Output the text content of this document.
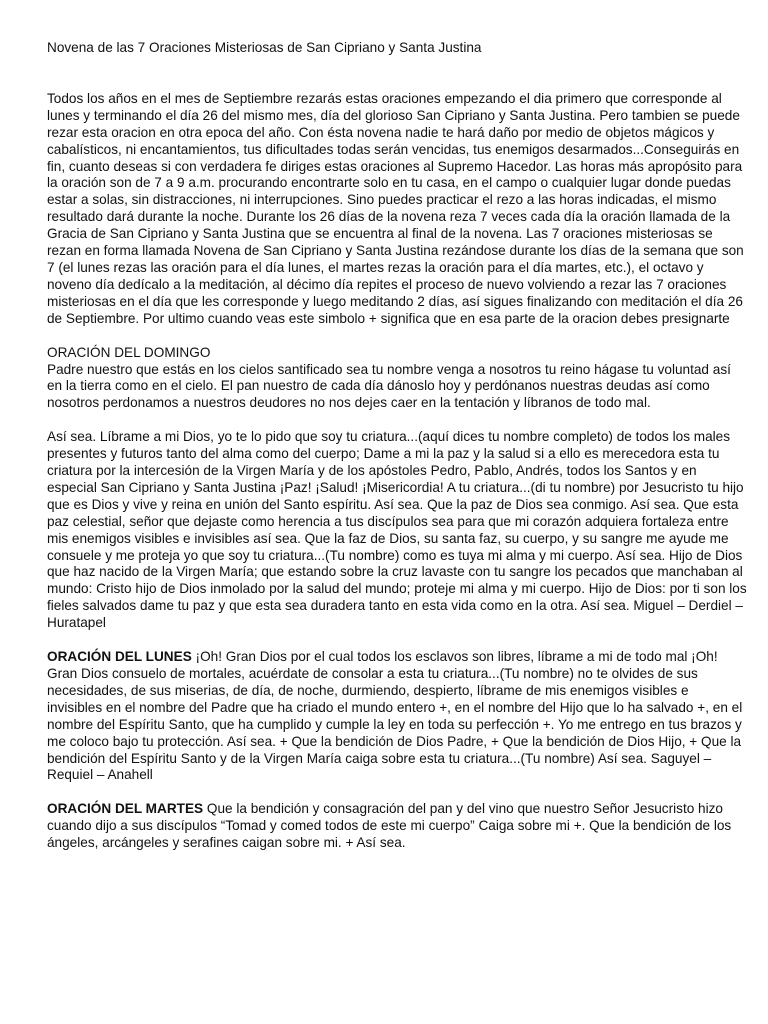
Novena de las 7 Oraciones Misteriosas de San Cipriano y Santa Justina

Todos los años en el mes de Septiembre rezarás estas oraciones empezando el dia primero que corresponde al lunes y terminando el día 26 del mismo mes, día del glorioso San Cipriano y Santa Justina. Pero tambien se puede rezar esta oracion en otra epoca del año. Con ésta novena nadie te hará daño por medio de objetos mágicos y cabalísticos, ni encantamientos, tus dificultades todas serán vencidas, tus enemigos desarmados...Conseguirás en fin, cuanto deseas si con verdadera fe diriges estas oraciones al Supremo Hacedor. Las horas más apropósito para la oración son de 7 a 9 a.m. procurando encontrarte solo en tu casa, en el campo o cualquier lugar donde puedas estar a solas, sin distracciones, ni interrupciones. Sino puedes practicar el rezo a las horas indicadas, el mismo resultado dará durante la noche. Durante los 26 días de la novena reza 7 veces cada día la oración llamada de la Gracia de San Cipriano y Santa Justina que se encuentra al final de la novena. Las 7 oraciones misteriosas se rezan en forma llamada Novena de San Cipriano y Santa Justina rezándose durante los días de la semana que son 7 (el lunes rezas las oración para el día lunes, el martes rezas la oración para el día martes, etc.), el octavo y noveno día dedícalo a la meditación, al décimo día repites el proceso de nuevo volviendo a rezar las 7 oraciones misteriosas en el día que les corresponde y luego meditando 2 días, así sigues finalizando con meditación el día 26 de Septiembre. Por ultimo cuando veas este simbolo + significa que en esa parte de la oracion debes presignarte

ORACIÓN DEL DOMINGO
Padre nuestro que estás en los cielos santificado sea tu nombre venga a nosotros tu reino hágase tu voluntad así en la tierra como en el cielo. El pan nuestro de cada día dánoslo hoy y perdónanos nuestras deudas así como nosotros perdonamos a nuestros deudores no nos dejes caer en la tentación y líbranos de todo mal.

Así sea. Líbrame a mi Dios, yo te lo pido que soy tu criatura...(aquí dices tu nombre completo) de todos los males presentes y futuros tanto del alma como del cuerpo; Dame a mi la paz y la salud si a ello es merecedora esta tu criatura por la intercesión de la Virgen María y de los apóstoles Pedro, Pablo, Andrés, todos los Santos y en especial San Cipriano y Santa Justina ¡Paz! ¡Salud! ¡Misericordia! A tu criatura...(di tu nombre) por Jesucristo tu hijo que es Dios y vive y reina en unión del Santo espíritu. Así sea. Que la paz de Dios sea conmigo. Así sea. Que esta paz celestial, señor que dejaste como herencia a tus discípulos sea para que mi corazón adquiera fortaleza entre mis enemigos visibles e invisibles así sea. Que la faz de Dios, su santa faz, su cuerpo, y su sangre me ayude me consuele y me proteja yo que soy tu criatura...(Tu nombre) como es tuya mi alma y mi cuerpo. Así sea. Hijo de Dios que haz nacido de la Virgen María; que estando sobre la cruz lavaste con tu sangre los pecados que manchaban al mundo: Cristo hijo de Dios inmolado por la salud del mundo; proteje mi alma y mi cuerpo. Hijo de Dios: por ti son los fieles salvados dame tu paz y que esta sea duradera tanto en esta vida como en la otra. Así sea. Miguel – Derdiel – Huratapel

ORACIÓN DEL LUNES ¡Oh! Gran Dios por el cual todos los esclavos son libres, líbrame a mi de todo mal ¡Oh! Gran Dios consuelo de mortales, acuérdate de consolar a esta tu criatura...(Tu nombre) no te olvides de sus necesidades, de sus miserias, de día, de noche, durmiendo, despierto, líbrame de mis enemigos visibles e invisibles en el nombre del Padre que ha criado el mundo entero +, en el nombre del Hijo que lo ha salvado +, en el nombre del Espíritu Santo, que ha cumplido y cumple la ley en toda su perfección +. Yo me entrego en tus brazos y me coloco bajo tu protección. Así sea. + Que la bendición de Dios Padre, + Que la bendición de Dios Hijo, + Que la bendición del Espíritu Santo y de la Virgen María caiga sobre esta tu criatura...(Tu nombre) Así sea. Saguyel – Requiel – Anahell

ORACIÓN DEL MARTES Que la bendición y consagración del pan y del vino que nuestro Señor Jesucristo hizo cuando dijo a sus discípulos “Tomad y comed todos de este mi cuerpo” Caiga sobre mi +. Que la bendición de los ángeles, arcángeles y serafines caigan sobre mi. + Así sea.
